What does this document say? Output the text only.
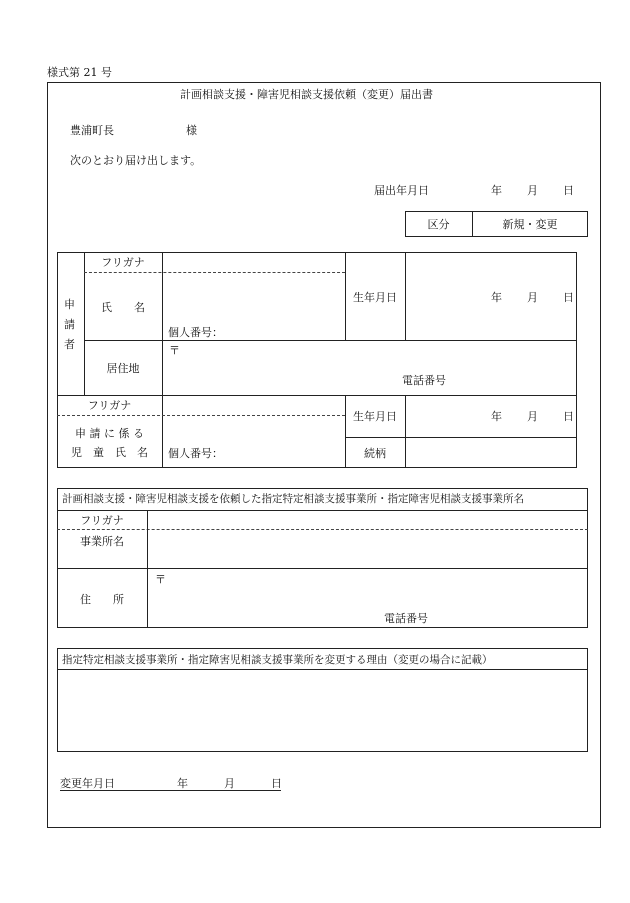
様式第 21 号
計画相談支援・障害児相談支援依頼（変更）届出書
豊浦町長	様
次のとおり届け出します。
届出年月日	年 月 日
区分	新規・変更
申
請
者
フリガナ
氏　　名
個人番号：
生年月日	年 月 日
居住地
〒
電話番号
フリガナ
申 請 に 係 る
児　童　氏　名	個人番号：
生年月日	年 月 日
続柄
計画相談支援・障害児相談支援を依頼した指定特定相談支援事業所・指定障害児相談支援事業所名
フリガナ
事業所名
住　　所
〒
電話番号
指定特定相談支援事業所・指定障害児相談支援事業所を変更する理由（変更の場合に記載）
変更年月日	年	月	日
